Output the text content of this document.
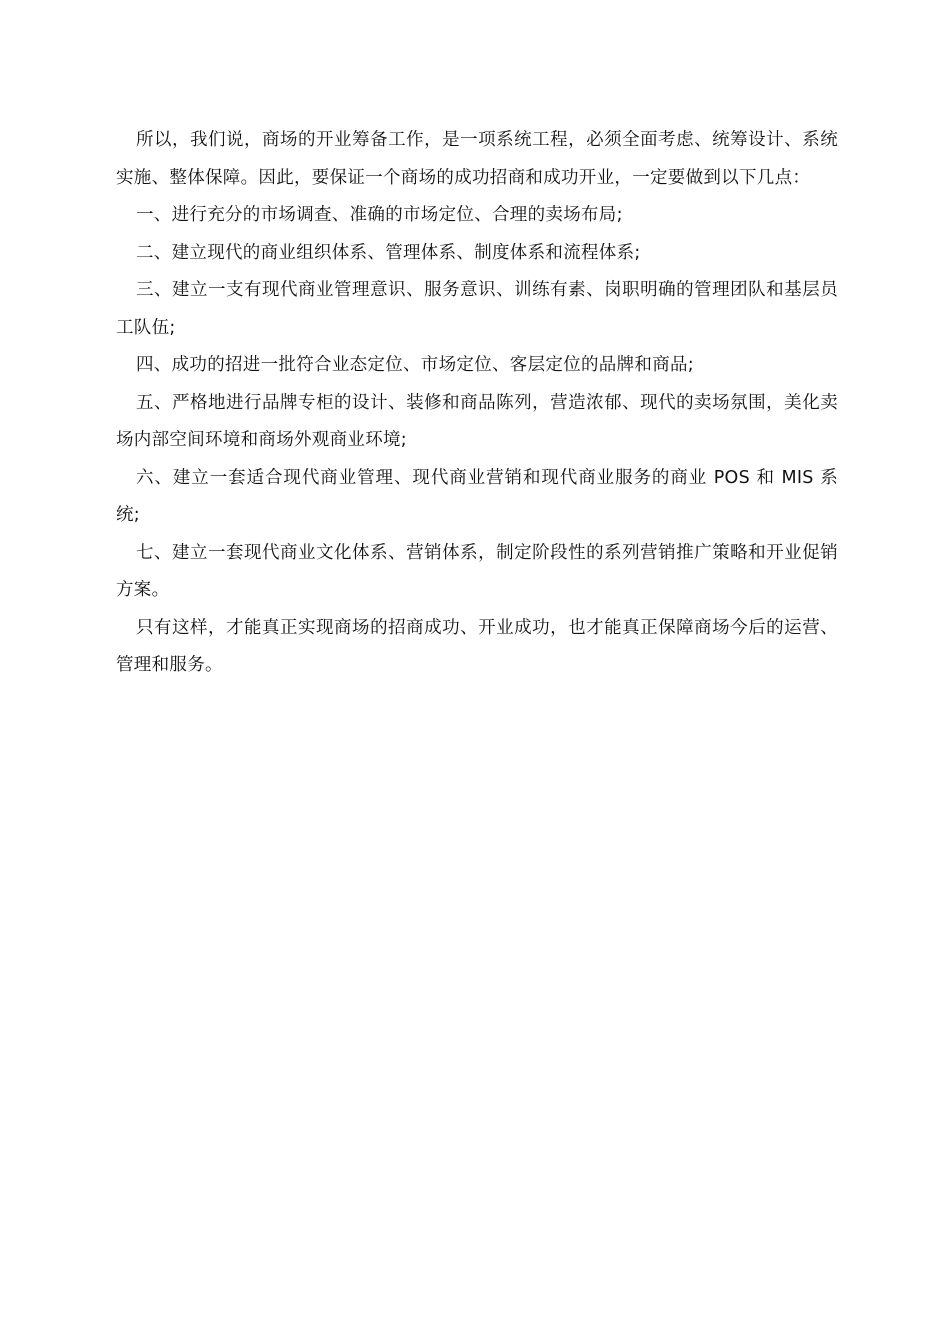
所以，我们说，商场的开业筹备工作，是一项系统工程，必须全面考虑、统筹设计、系统实施、整体保障。因此，要保证一个商场的成功招商和成功开业，一定要做到以下几点：

一、进行充分的市场调查、准确的市场定位、合理的卖场布局;

二、建立现代的商业组织体系、管理体系、制度体系和流程体系;

三、建立一支有现代商业管理意识、服务意识、训练有素、岗职明确的管理团队和基层员工队伍;

四、成功的招进一批符合业态定位、市场定位、客层定位的品牌和商品;

五、严格地进行品牌专柜的设计、装修和商品陈列，营造浓郁、现代的卖场氛围，美化卖场内部空间环境和商场外观商业环境;

六、建立一套适合现代商业管理、现代商业营销和现代商业服务的商业 POS 和 MIS 系统;

七、建立一套现代商业文化体系、营销体系，制定阶段性的系列营销推广策略和开业促销方案。

只有这样，才能真正实现商场的招商成功、开业成功，也才能真正保障商场今后的运营、管理和服务。
